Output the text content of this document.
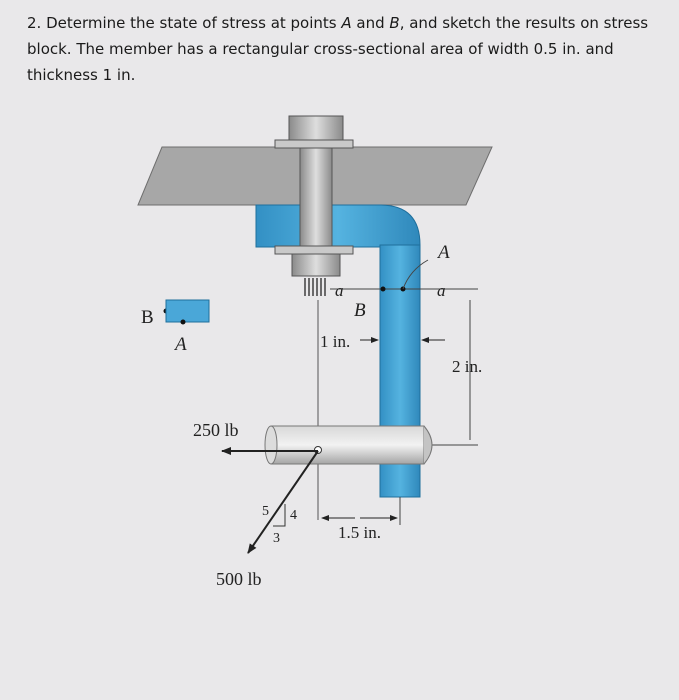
2. Determine the state of stress at points A and B, and sketch the results on stress block. The member has a rectangular cross-sectional area of width 0.5 in. and thickness 1 in.
a	a
A
B
1 in.
2 in.
250 lb
500 lb
5 4
3	1.5 in.
B
A
